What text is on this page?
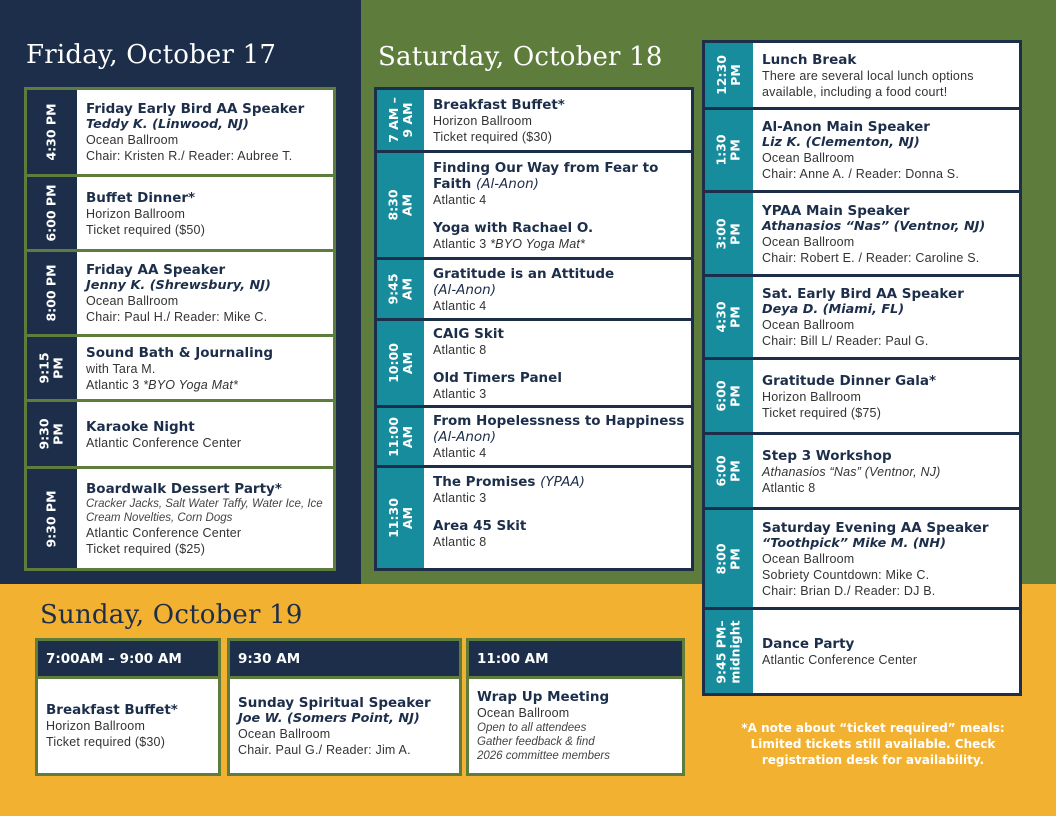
Friday, October 17	Saturday, October 18
Sunday, October 19
4:30 PM Friday Early Bird AA Speaker
Teddy K. (Linwood, NJ)
Ocean Ballroom
Chair: Kristen R./ Reader: Aubree T.
6:00 PM Buffet Dinner*
Horizon Ballroom
Ticket required ($50)
8:00 PM Friday AA Speaker
Jenny K. (Shrewsbury, NJ)
Ocean Ballroom
Chair: Paul H./ Reader: Mike C.
9:15
PM
Sound Bath & Journaling
with Tara M.
Atlantic 3 *BYO Yoga Mat*
9:30
PM Karaoke Night
Atlantic Conference Center
9:30 PM
Boardwalk Dessert Party*
Cracker Jacks, Salt Water Taffy, Water Ice, Ice Cream Novelties, Corn Dogs
Atlantic Conference Center
Ticket required ($25)
7 AM –
9 AM Breakfast Buffet*
Horizon Ballroom
Ticket required ($30)
8:30
AM
Finding Our Way from Fear to Faith (Al-Anon)
Atlantic 4
Yoga with Rachael O.
Atlantic 3 *BYO Yoga Mat*
9:45
AM
Gratitude is an Attitude
(Al-Anon)
Atlantic 4
10:00
AM
CAIG Skit
Atlantic 8
Old Timers Panel
Atlantic 3
11:00
AM
From Hopelessness to Happiness (Al-Anon)
Atlantic 4
11:30
AM
The Promises (YPAA)
Atlantic 3
Area 45 Skit
Atlantic 8
12:30
PM
Lunch Break
There are several local lunch options available, including a food court!
1:30
PM
Al-Anon Main Speaker
Liz K. (Clementon, NJ)
Ocean Ballroom
Chair: Anne A. / Reader: Donna S.
3:00
PM
YPAA Main Speaker
Athanasios “Nas” (Ventnor, NJ)
Ocean Ballroom
Chair: Robert E. / Reader: Caroline S.
4:30
PM
Sat. Early Bird AA Speaker
Deya D. (Miami, FL)
Ocean Ballroom
Chair: Bill L/ Reader: Paul G.
6:00
PM
Gratitude Dinner Gala*
Horizon Ballroom
Ticket required ($75)
6:00
PM
Step 3 Workshop
Athanasios “Nas” (Ventnor, NJ)
Atlantic 8
8:00
PM
Saturday Evening AA Speaker
“Toothpick” Mike M. (NH)
Ocean Ballroom
Sobriety Countdown: Mike C.
Chair: Brian D./ Reader: DJ B.
9:45 PM–
midnight Dance Party
Atlantic Conference Center
7:00AM – 9:00 AM
Breakfast Buffet*
Horizon Ballroom
Ticket required ($30)
9:30 AM
Sunday Spiritual Speaker
Joe W. (Somers Point, NJ)
Ocean Ballroom
Chair. Paul G./ Reader: Jim A.
11:00 AM
Wrap Up Meeting
Ocean Ballroom
Open to all attendees
Gather feedback & find
2026 committee members
*A note about “ticket required” meals: Limited tickets still available. Check registration desk for availability.
